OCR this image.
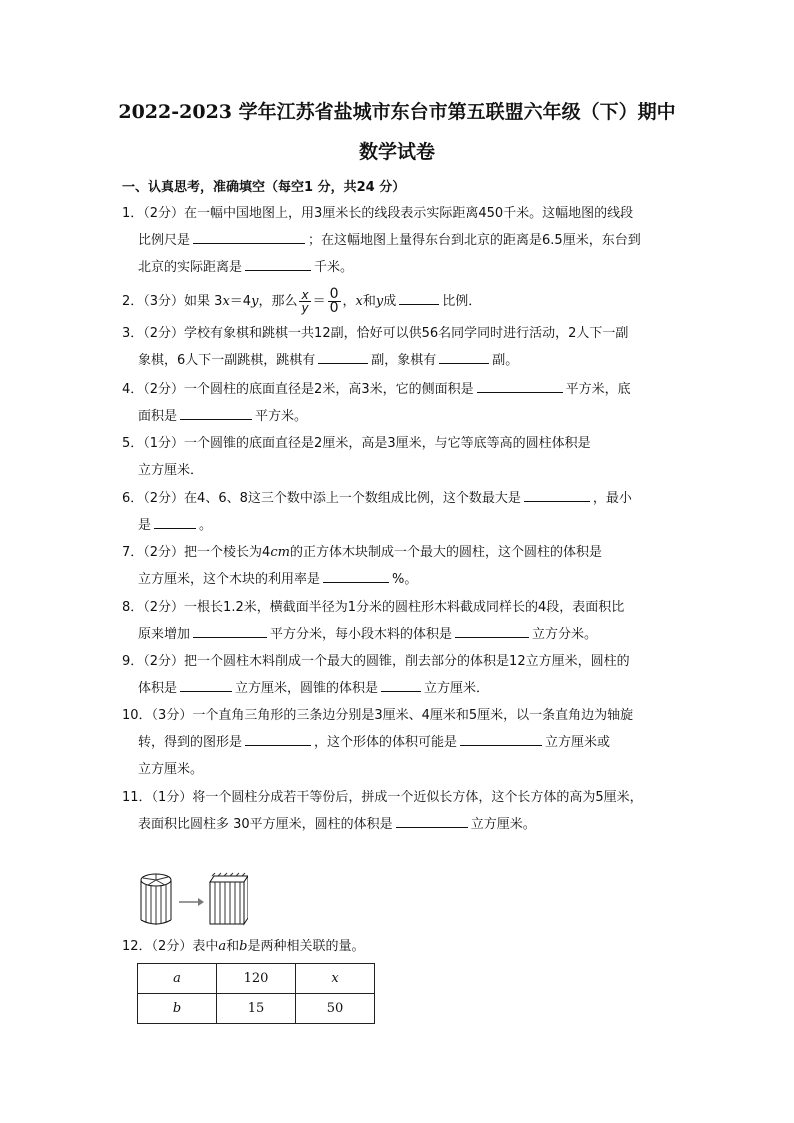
2022-2023 学年江苏省盐城市东台市第五联盟六年级（下）期中
数学试卷
一、认真思考，准确填空（每空1 分，共24 分）
1．（2分）在一幅中国地图上，用3厘米长的线段表示实际距离450千米。这幅地图的线段
比例尺是	；在这幅地图上量得东台到北京的距离是6.5厘米，东台到
北京的实际距离是	千米。
2．（3分）如果 3x＝4y，那么 $\frac{x}{y} = \frac{0}{0}$ ，x和y成	比例．
3．（2分）学校有象棋和跳棋一共12副，恰好可以供56名同学同时进行活动，2人下一副
象棋，6人下一副跳棋，跳棋有	副，象棋有	副。
4．（2分）一个圆柱的底面直径是2米，高3米，它的侧面积是	平方米，底
面积是	平方米。
5．（1分）一个圆锥的底面直径是2厘米，高是3厘米，与它等底等高的圆柱体积是
立方厘米．
6．（2分）在4、6、8这三个数中添上一个数组成比例，这个数最大是	，最小
是	。
7．（2分）把一个棱长为4cm的正方体木块制成一个最大的圆柱，这个圆柱的体积是
立方厘米，这个木块的利用率是	%。
8．（2分）一根长1.2米，横截面半径为1分米的圆柱形木料截成同样长的4段，表面积比
原来增加	平方分米，每小段木料的体积是	立方分米。
9．（2分）把一个圆柱木料削成一个最大的圆锥，削去部分的体积是12立方厘米，圆柱的
体积是	立方厘米，圆锥的体积是	立方厘米．
10．（3分）一个直角三角形的三条边分别是3厘米、4厘米和5厘米，以一条直角边为轴旋
转，得到的图形是	，这个形体的体积可能是	立方厘米或
立方厘米。
11．（1分）将一个圆柱分成若干等份后，拼成一个近似长方体，这个长方体的高为5厘米，
表面积比圆柱多 30平方厘米，圆柱的体积是	立方厘米。
12．（2分）表中a和b是两种相关联的量。
a	120	x
b	15	50
